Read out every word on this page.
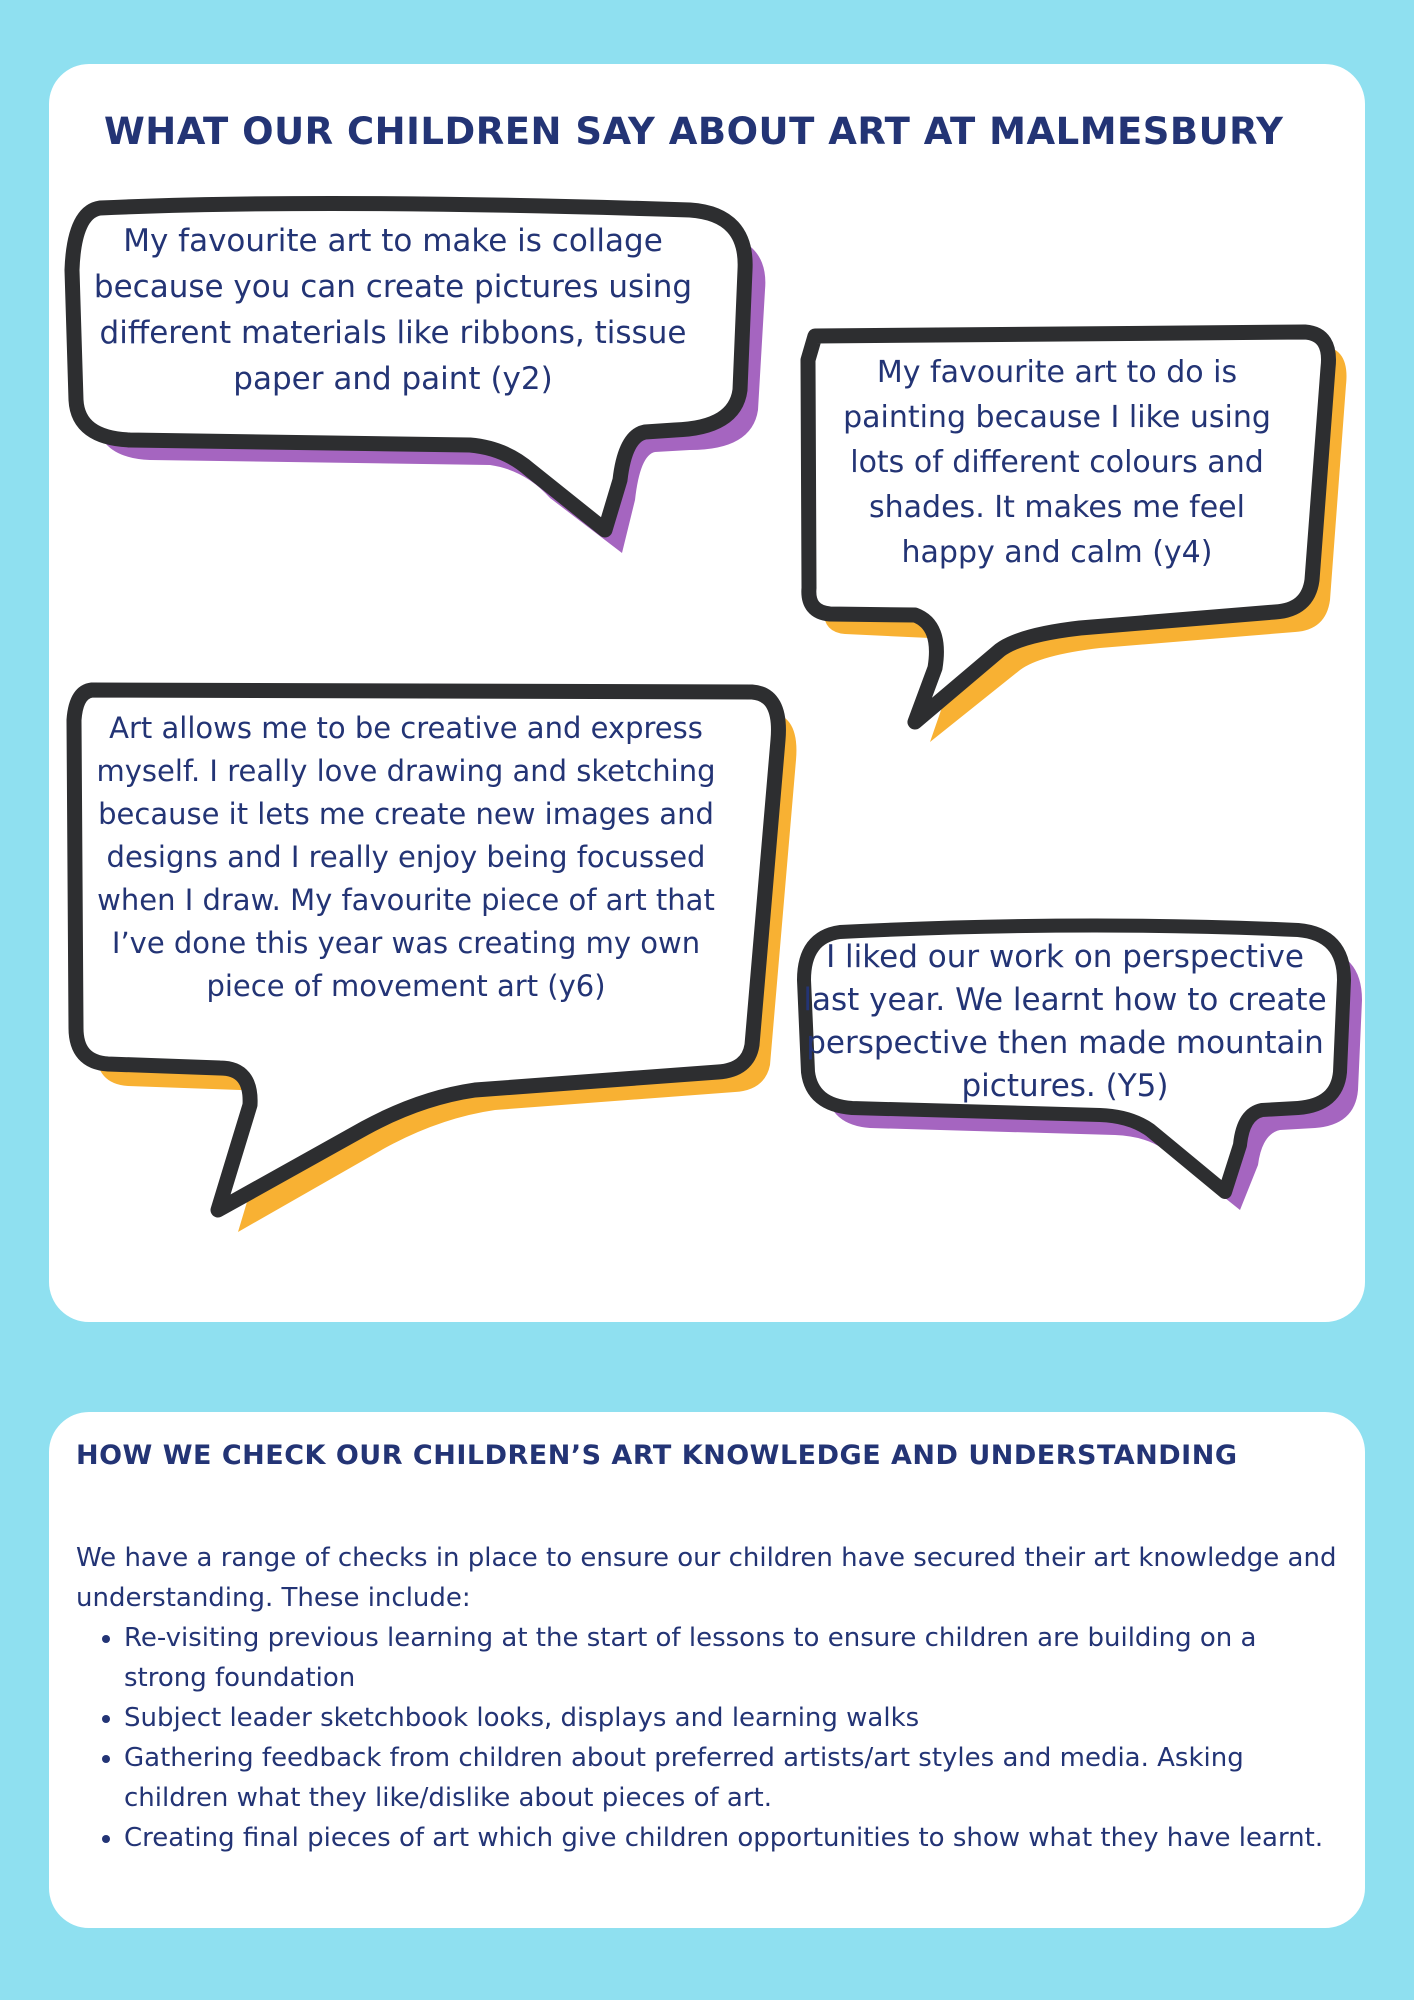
WHAT OUR CHILDREN SAY ABOUT ART AT MALMESBURY

My favourite art to make is collage because you can create pictures using different materials like ribbons, tissue paper and paint (y2)	My favourite art to do is painting because I like using lots of different colours and shades. It makes me feel happy and calm (y4)

Art allows me to be creative and express myself. I really love drawing and sketching because it lets me create new images and designs and I really enjoy being focussed when I draw. My favourite piece of art that I’ve done this year was creating my own piece of movement art (y6)

I liked our work on perspective last year. We learnt how to create perspective then made mountain pictures. (Y5)

HOW WE CHECK OUR CHILDREN’S ART KNOWLEDGE AND UNDERSTANDING

We have a range of checks in place to ensure our children have secured their art knowledge and understanding. These include:

• Re-visiting previous learning at the start of lessons to ensure children are building on a strong foundation
• Subject leader sketchbook looks, displays and learning walks
• Gathering feedback from children about preferred artists/art styles and media. Asking children what they like/dislike about pieces of art.
• Creating final pieces of art which give children opportunities to show what they have learnt.
